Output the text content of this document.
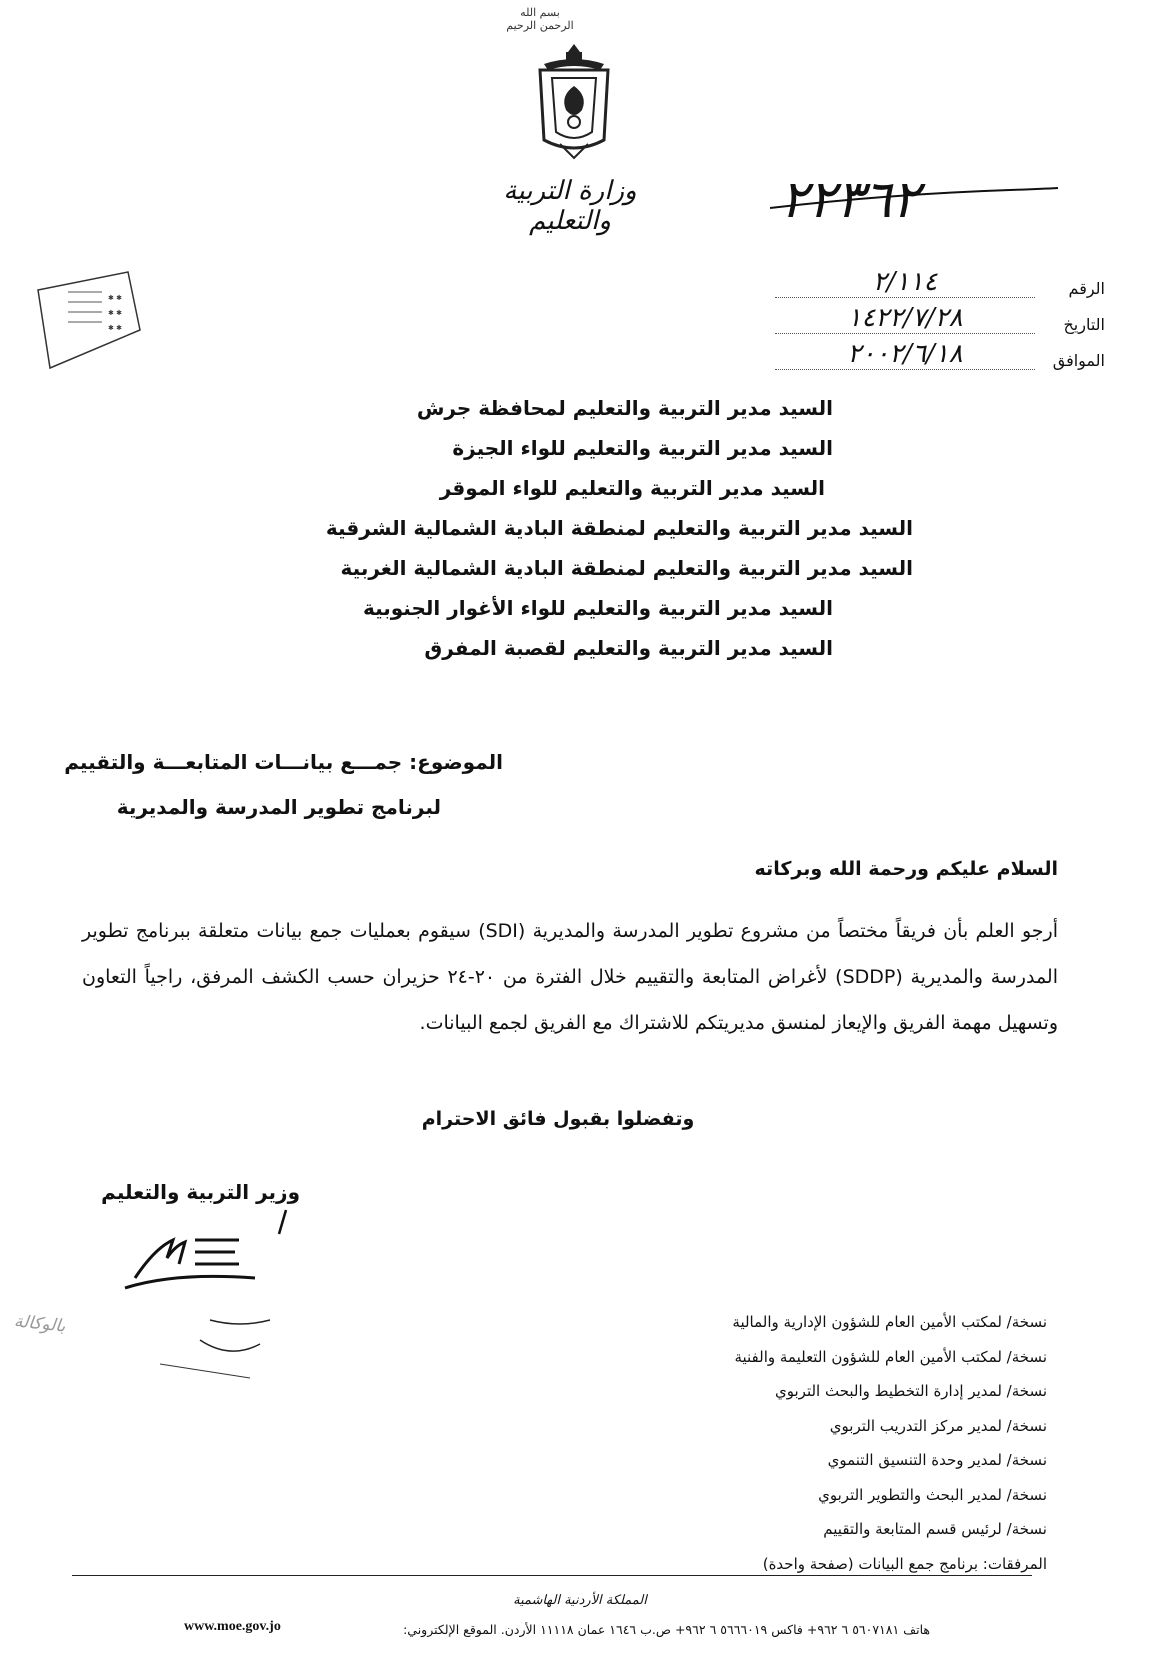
بسم الله الرحمن الرحيم
وزارة التربية والتعليم	٢٢٣٦٢
✱ ✱
✱ ✱
✱ ✱
الرقم
٢/١١٤
التاريخ
١٤٢٢/٧/٢٨
الموافق
٢٠٠٢/٦/١٨
السيد مدير التربية والتعليم لمحافظة جرش
السيد مدير التربية والتعليم للواء الجيزة
السيد مدير التربية والتعليم للواء الموقر
السيد مدير التربية والتعليم لمنطقة البادية الشمالية الشرقية
السيد مدير التربية والتعليم لمنطقة البادية الشمالية الغربية
السيد مدير التربية والتعليم للواء الأغوار الجنوبية
السيد مدير التربية والتعليم لقصبة المفرق
الموضوع: جمـــع بيانـــات المتابعـــة والتقييم
لبرنامج تطوير المدرسة والمديرية
السلام عليكم ورحمة الله وبركاته
أرجو العلم بأن فريقاً مختصاً من مشروع تطوير المدرسة والمديرية (SDI) سيقوم بعمليات جمع بيانات متعلقة ببرنامج تطوير المدرسة والمديرية (SDDP) لأغراض المتابعة والتقييم خلال الفترة من ٢٠-٢٤ حزيران حسب الكشف المرفق، راجياً التعاون وتسهيل مهمة الفريق والإيعاز لمنسق مديريتكم للاشتراك مع الفريق لجمع البيانات.
وتفضلوا بقبول فائق الاحترام
وزير التربية والتعليم
بالوكالة	نسخة/ لمكتب الأمين العام للشؤون الإدارية والمالية
نسخة/ لمكتب الأمين العام للشؤون التعليمة والفنية
نسخة/ لمدير إدارة التخطيط والبحث التربوي
نسخة/ لمدير مركز التدريب التربوي
نسخة/ لمدير وحدة التنسيق التنموي
نسخة/ لمدير البحث والتطوير التربوي
نسخة/ لرئيس قسم المتابعة والتقييم
المرفقات: برنامج جمع البيانات (صفحة واحدة)
المملكة الأردنية الهاشمية
هاتف ٥٦٠٧١٨١ ٦ ٩٦٢+ فاكس ٥٦٦٦٠١٩ ٦ ٩٦٢+ ص.ب ١٦٤٦ عمان ١١١١٨ الأردن. الموقع الإلكتروني:
www.moe.gov.jo
